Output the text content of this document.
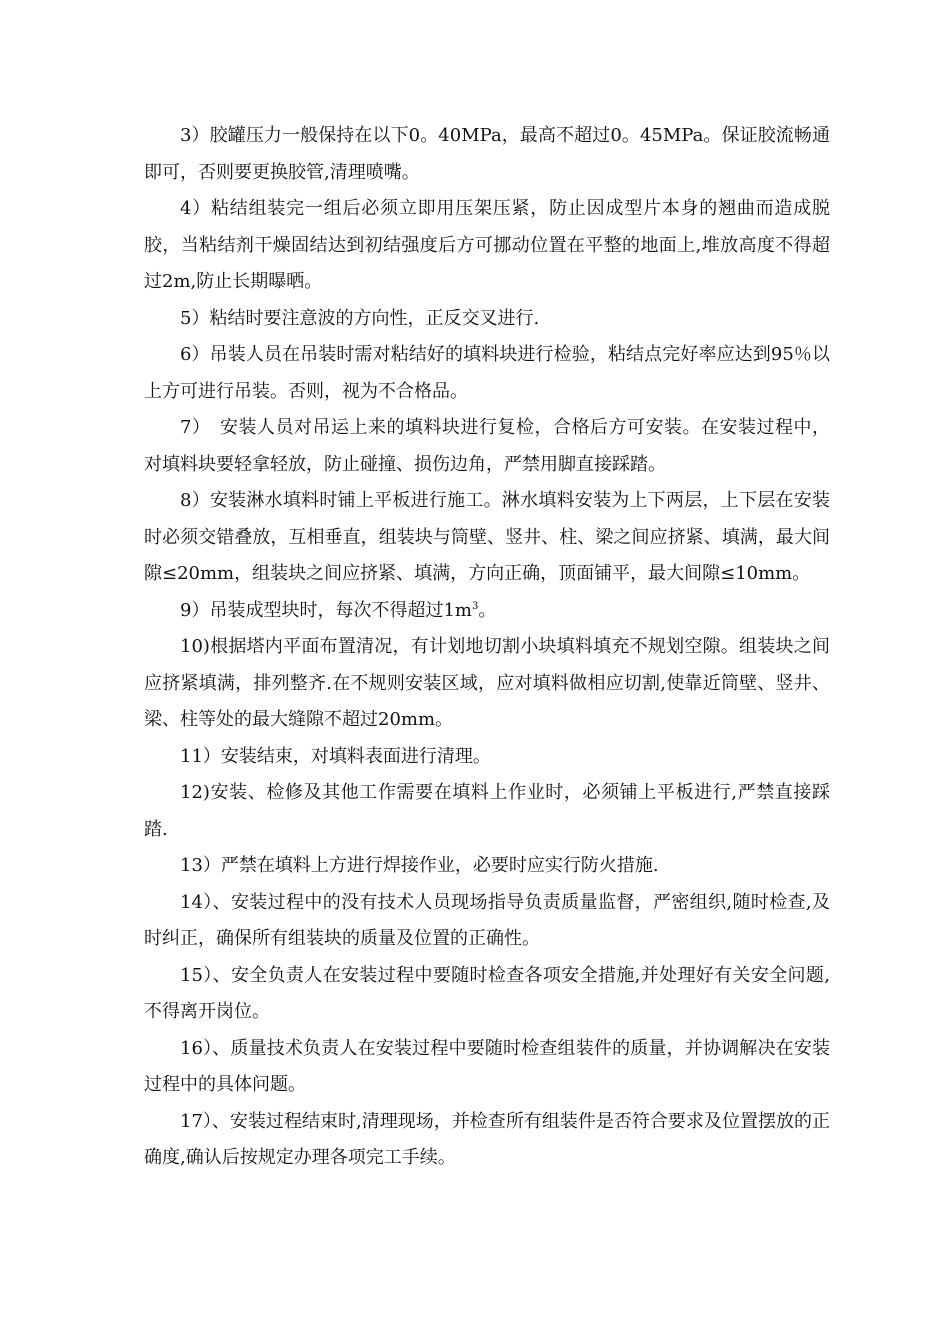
3）胶罐压力一般保持在以下0。40MPa，最高不超过0。45MPa。保证胶流畅通即可，否则要更换胶管,清理喷嘴。

4）粘结组装完一组后必须立即用压架压紧，防止因成型片本身的翘曲而造成脱胶，当粘结剂干燥固结达到初结强度后方可挪动位置在平整的地面上,堆放高度不得超过2m,防止长期曝晒。

5）粘结时要注意波的方向性，正反交叉进行.

6）吊装人员在吊装时需对粘结好的填料块进行检验，粘结点完好率应达到95％以上方可进行吊装。否则，视为不合格品。

7）　安装人员对吊运上来的填料块进行复检，合格后方可安装。在安装过程中，对填料块要轻拿轻放，防止碰撞、损伤边角，严禁用脚直接踩踏。

8）安装淋水填料时铺上平板进行施工。淋水填料安装为上下两层，上下层在安装时必须交错叠放，互相垂直，组装块与筒壁、竖井、柱、梁之间应挤紧、填满，最大间隙≤20mm，组装块之间应挤紧、填满，方向正确，顶面铺平，最大间隙≤10mm。

9）吊装成型块时，每次不得超过$1m^3$。

10)根据塔内平面布置清况，有计划地切割小块填料填充不规划空隙。组装块之间应挤紧填满，排列整齐.在不规则安装区域，应对填料做相应切割,使靠近筒壁、竖井、梁、柱等处的最大缝隙不超过20mm。

11）安装结束，对填料表面进行清理。

12)安装、检修及其他工作需要在填料上作业时，必须铺上平板进行,严禁直接踩踏.

13）严禁在填料上方进行焊接作业，必要时应实行防火措施.

14）、安装过程中的没有技术人员现场指导负责质量监督，严密组织,随时检查,及时纠正，确保所有组装块的质量及位置的正确性。

15）、安全负责人在安装过程中要随时检查各项安全措施,并处理好有关安全问题,不得离开岗位。

16）、质量技术负责人在安装过程中要随时检查组装件的质量，并协调解决在安装过程中的具体问题。

17）、安装过程结束时,清理现场，并检查所有组装件是否符合要求及位置摆放的正确度,确认后按规定办理各项完工手续。
